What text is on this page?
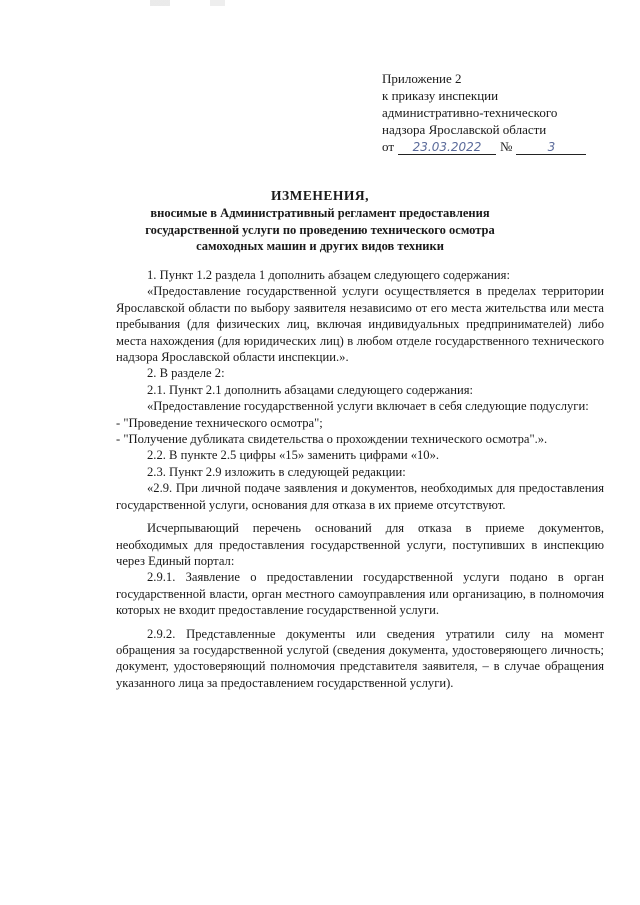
Приложение 2
к приказу инспекции
административно-технического
надзора Ярославской области
от	23.03.2022	№	3
ИЗМЕНЕНИЯ,
вносимые в Административный регламент предоставления
государственной услуги по проведению технического осмотра
самоходных машин и других видов техники

1. Пункт 1.2 раздела 1 дополнить абзацем следующего содержания:

«Предоставление государственной услуги осуществляется в пределах территории Ярославской области по выбору заявителя независимо от его места жительства или места пребывания (для физических лиц, включая индивидуальных предпринимателей) либо места нахождения (для юридических лиц) в любом отделе государственного технического надзора Ярославской области инспекции.».

2. В разделе 2:

2.1. Пункт 2.1 дополнить абзацами следующего содержания:

«Предоставление государственной услуги включает в себя следующие подуслуги:

- "Проведение технического осмотра";

- "Получение дубликата свидетельства о прохождении технического осмотра".».

2.2. В пункте 2.5 цифры «15» заменить цифрами «10».

2.3. Пункт 2.9 изложить в следующей редакции:

«2.9. При личной подаче заявления и документов, необходимых для предоставления государственной услуги, основания для отказа в их приеме отсутствуют.

Исчерпывающий перечень оснований для отказа в приеме документов, необходимых для предоставления государственной услуги, поступивших в инспекцию через Единый портал:

2.9.1. Заявление о предоставлении государственной услуги подано в орган государственной власти, орган местного самоуправления или организацию, в полномочия которых не входит предоставление государственной услуги.

2.9.2. Представленные документы или сведения утратили силу на момент обращения за государственной услугой (сведения документа, удостоверяющего личность; документ, удостоверяющий полномочия представителя заявителя, – в случае обращения указанного лица за предоставлением государственной услуги).
